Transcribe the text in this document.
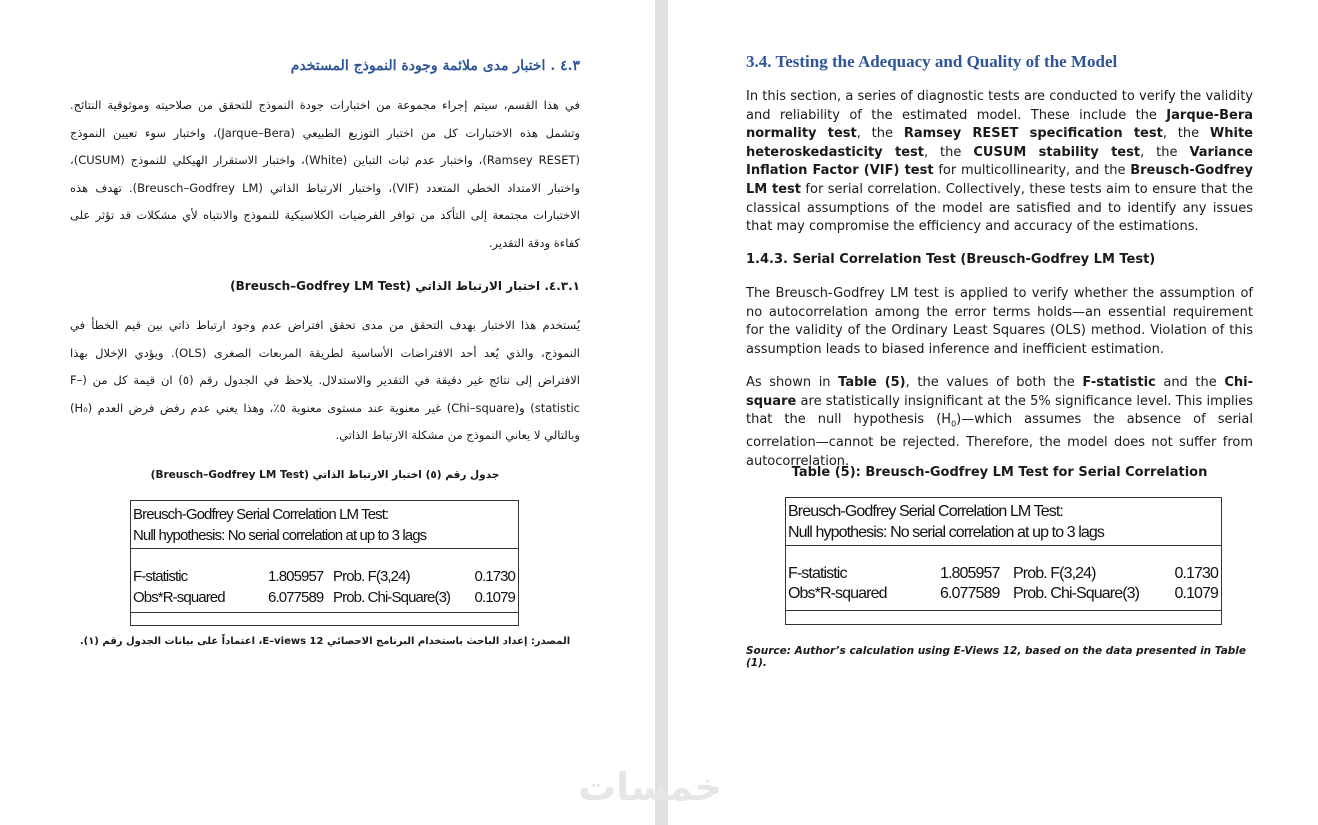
٤.٣ . اختبار مدى ملائمة وجودة النموذج المستخدم
في هذا القسم، سيتم إجراء مجموعة من اختبارات جودة النموذج للتحقق من صلاحيته وموثوقية النتائج. وتشمل هذه الاختبارات كل من اختبار التوزيع الطبيعي (Jarque–Bera)، واختبار سوء تعيين النموذج (Ramsey RESET)، واختبار عدم ثبات التباين (White)، واختبار الاستقرار الهيكلي للنموذج (CUSUM)، واختبار الامتداد الخطي المتعدد (VIF)، واختبار الارتباط الذاتي (Breusch–Godfrey LM). تهدف هذه الاختبارات مجتمعة إلى التأكد من توافر الفرضيات الكلاسيكية للنموذج والانتباه لأي مشكلات قد تؤثر على كفاءة ودقة التقدير.
٤.٣.١. اختبار الارتباط الذاتي (Breusch–Godfrey LM Test)
يُستخدم هذا الاختبار بهدف التحقق من مدى تحقق افتراض عدم وجود ارتباط ذاتي بين قيم الخطأ في النموذج، والذي يُعد أحد الافتراضات الأساسية لطريقة المربعات الصغرى (OLS). ويؤدي الإخلال بهذا الافتراض إلى نتائج غير دقيقة في التقدير والاستدلال. يلاحظ في الجدول رقم (٥) ان قيمة كل من (F–statistic) و(Chi–square) غير معنوية عند مستوى معنوية ٥٪، وهذا يعني عدم رفض فرض العدم (H₀) وبالتالي لا يعاني النموذج من مشكلة الارتباط الذاتي.
جدول رقم (٥) اختبار الارتباط الذاتي (Breusch–Godfrey LM Test)
Breusch-Godfrey Serial Correlation LM Test:
Null hypothesis: No serial correlation at up to 3 lags
F-statistic	1.805957 Prob. F(3,24)	0.1730
Obs*R-squared	6.077589 Prob. Chi-Square(3) 0.1079
المصدر: إعداد الباحث باستخدام البرنامج الاحصائي E–views 12، اعتماداً على بيانات الجدول رقم (١).
3.4. Testing the Adequacy and Quality of the Model
In this section, a series of diagnostic tests are conducted to verify the validity and reliability of the estimated model. These include the Jarque-Bera normality test, the Ramsey RESET specification test, the White heteroskedasticity test, the CUSUM stability test, the Variance Inflation Factor (VIF) test for multicollinearity, and the Breusch-Godfrey LM test for serial correlation. Collectively, these tests aim to ensure that the classical assumptions of the model are satisfied and to identify any issues that may compromise the efficiency and accuracy of the estimations.
1.4.3. Serial Correlation Test (Breusch-Godfrey LM Test)
The Breusch-Godfrey LM test is applied to verify whether the assumption of no autocorrelation among the error terms holds—an essential requirement for the validity of the Ordinary Least Squares (OLS) method. Violation of this assumption leads to biased inference and inefficient estimation.
As shown in Table (5), the values of both the F-statistic and the Chi-square are statistically insignificant at the 5% significance level. This implies that the null hypothesis $(H_0)—which$ assumes the absence of serial correlation—cannot be rejected. Therefore, the model does not suffer from autocorrelation.
Table (5): Breusch-Godfrey LM Test for Serial Correlation
Breusch-Godfrey Serial Correlation LM Test:
Null hypothesis: No serial correlation at up to 3 lags
F-statistic	1.805957 Prob. F(3,24)	0.1730
Obs*R-squared	6.077589 Prob. Chi-Square(3) 0.1079
Source: Author’s calculation using E-Views 12, based on the data presented in Table (1).
خمسات
